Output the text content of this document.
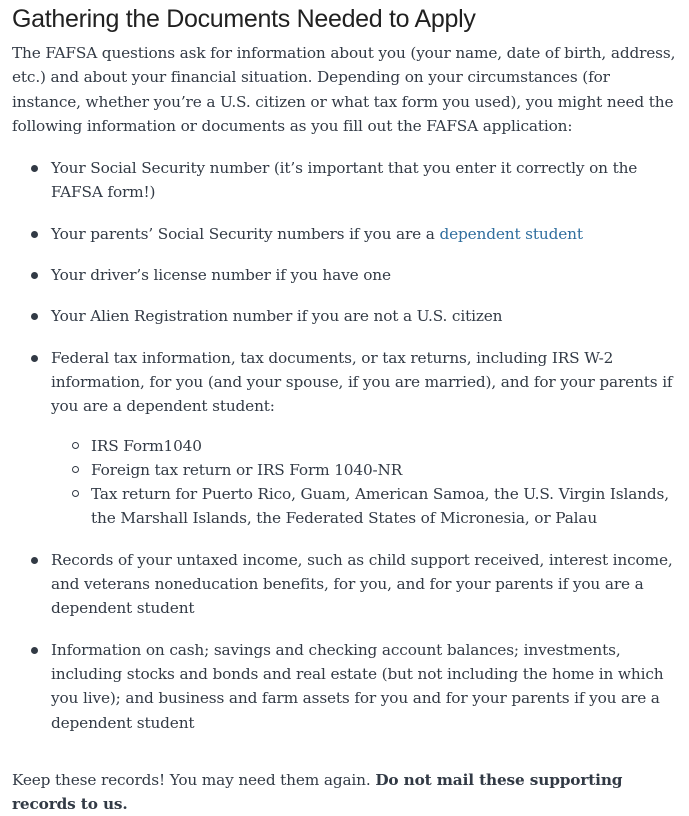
Gathering the Documents Needed to Apply

The FAFSA questions ask for information about you (your name, date of birth, address, etc.) and about your financial situation. Depending on your circumstances (for instance, whether you’re a U.S. citizen or what tax form you used), you might need the following information or documents as you fill out the FAFSA application:

Your Social Security number (it’s important that you enter it correctly on the FAFSA form!)
Your parents’ Social Security numbers if you are a dependent student
Your driver’s license number if you have one
Your Alien Registration number if you are not a U.S. citizen
Federal tax information, tax documents, or tax returns, including IRS W-2 information, for you (and your spouse, if you are married), and for your parents if you are a dependent student:
IRS Form1040
Foreign tax return or IRS Form 1040-NR
Tax return for Puerto Rico, Guam, American Samoa, the U.S. Virgin Islands, the Marshall Islands, the Federated States of Micronesia, or Palau
Records of your untaxed income, such as child support received, interest income, and veterans noneducation benefits, for you, and for your parents if you are a dependent student
Information on cash; savings and checking account balances; investments, including stocks and bonds and real estate (but not including the home in which you live); and business and farm assets for you and for your parents if you are a dependent student

Keep these records! You may need them again. Do not mail these supporting records to us.
